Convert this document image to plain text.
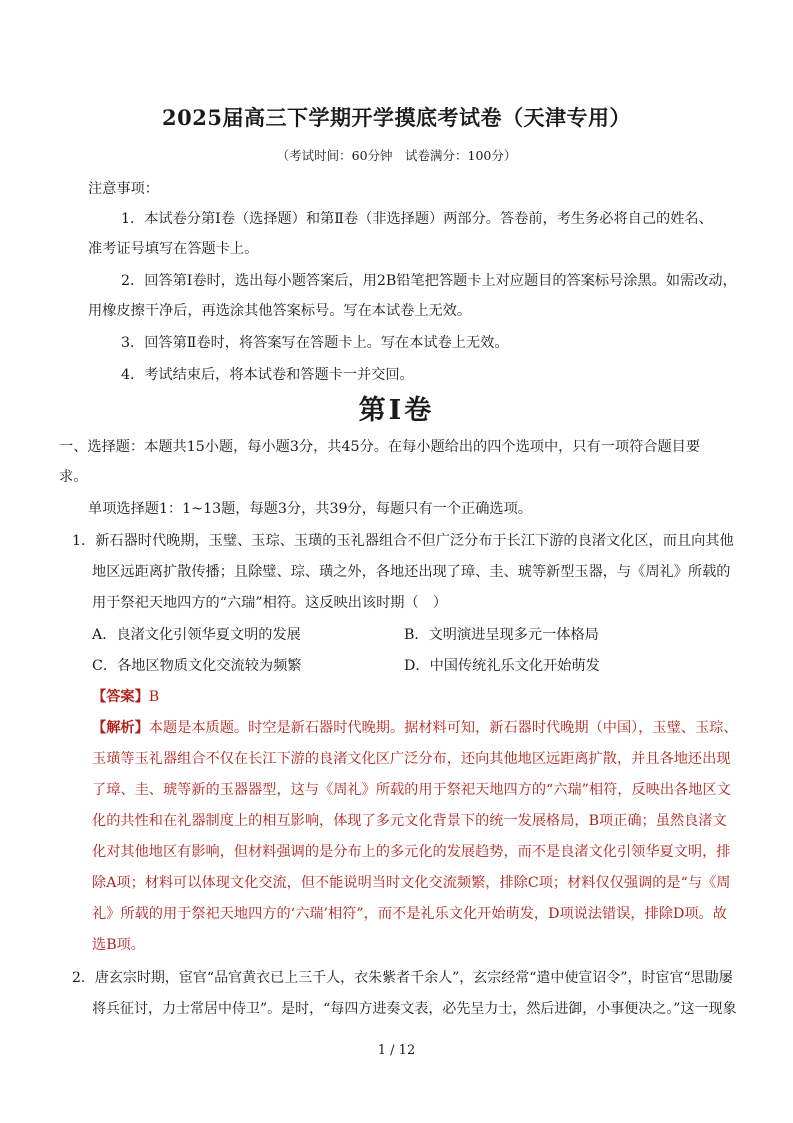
2025届高三下学期开学摸底考试卷（天津专用）
（考试时间：60分钟　试卷满分：100分）
注意事项：
1．本试卷分第Ⅰ卷（选择题）和第Ⅱ卷（非选择题）两部分。答卷前，考生务必将自己的姓名、
准考证号填写在答题卡上。
2．回答第Ⅰ卷时，选出每小题答案后，用2B铅笔把答题卡上对应题目的答案标号涂黑。如需改动，
用橡皮擦干净后，再选涂其他答案标号。写在本试卷上无效。
3．回答第Ⅱ卷时，将答案写在答题卡上。写在本试卷上无效。
4．考试结束后，将本试卷和答题卡一并交回。
第Ⅰ卷
一、选择题：本题共15小题，每小题3分，共45分。在每小题给出的四个选项中，只有一项符合题目要
求。
单项选择题1：1~13题，每题3分，共39分，每题只有一个正确选项。
1．新石器时代晚期，玉璧、玉琮、玉璜的玉礼器组合不但广泛分布于长江下游的良渚文化区，而且向其他
地区远距离扩散传播；且除璧、琮、璜之外，各地还出现了璋、圭、琥等新型玉器，与《周礼》所载的
用于祭祀天地四方的“六瑞”相符。这反映出该时期（　）
A．良渚文化引领华夏文明的发展	B．文明演进呈现多元一体格局
C．各地区物质文化交流较为频繁	D．中国传统礼乐文化开始萌发
【答案】B
【解析】本题是本质题。时空是新石器时代晚期。据材料可知，新石器时代晚期（中国），玉璧、玉琮、
玉璜等玉礼器组合不仅在长江下游的良渚文化区广泛分布，还向其他地区远距离扩散，并且各地还出现
了璋、圭、琥等新的玉器器型，这与《周礼》所载的用于祭祀天地四方的“六瑞”相符，反映出各地区文
化的共性和在礼器制度上的相互影响，体现了多元文化背景下的统一发展格局，B项正确；虽然良渚文
化对其他地区有影响，但材料强调的是分布上的多元化的发展趋势，而不是良渚文化引领华夏文明，排
除A项；材料可以体现文化交流，但不能说明当时文化交流频繁，排除C项；材料仅仅强调的是“与《周
礼》所载的用于祭祀天地四方的‘六瑞’相符”，而不是礼乐文化开始萌发，D项说法错误，排除D项。故
选B项。
2．唐玄宗时期，宦官“品官黄衣已上三千人，衣朱紫者千余人”，玄宗经常“遣中使宣诏令”，时宦官“思勖屡
将兵征讨，力士常居中侍卫”。是时，“每四方进奏文表，必先呈力士，然后进御，小事便决之。”这一现象
1 / 12
